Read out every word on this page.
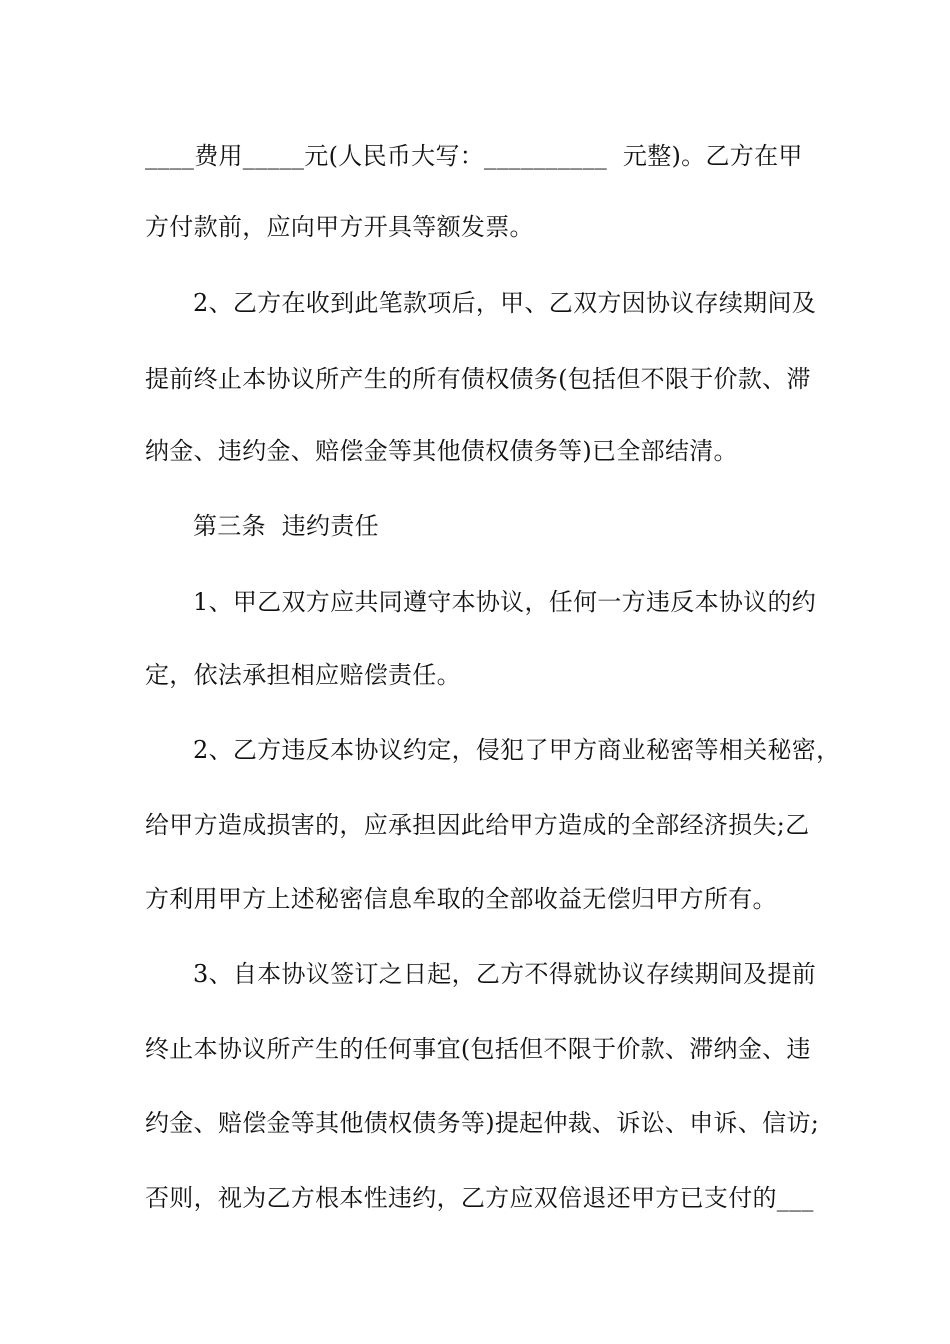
____费用_____元(人民币大写：__________  元整)。乙方在甲
方付款前，应向甲方开具等额发票。
2、乙方在收到此笔款项后，甲、乙双方因协议存续期间及
提前终止本协议所产生的所有债权债务(包括但不限于价款、滞
纳金、违约金、赔偿金等其他债权债务等)已全部结清。
第三条  违约责任
1、甲乙双方应共同遵守本协议，任何一方违反本协议的约
定，依法承担相应赔偿责任。
2、乙方违反本协议约定，侵犯了甲方商业秘密等相关秘密，
给甲方造成损害的，应承担因此给甲方造成的全部经济损失;乙
方利用甲方上述秘密信息牟取的全部收益无偿归甲方所有。
3、自本协议签订之日起，乙方不得就协议存续期间及提前
终止本协议所产生的任何事宜(包括但不限于价款、滞纳金、违
约金、赔偿金等其他债权债务等)提起仲裁、诉讼、申诉、信访;
否则，视为乙方根本性违约，乙方应双倍退还甲方已支付的___
